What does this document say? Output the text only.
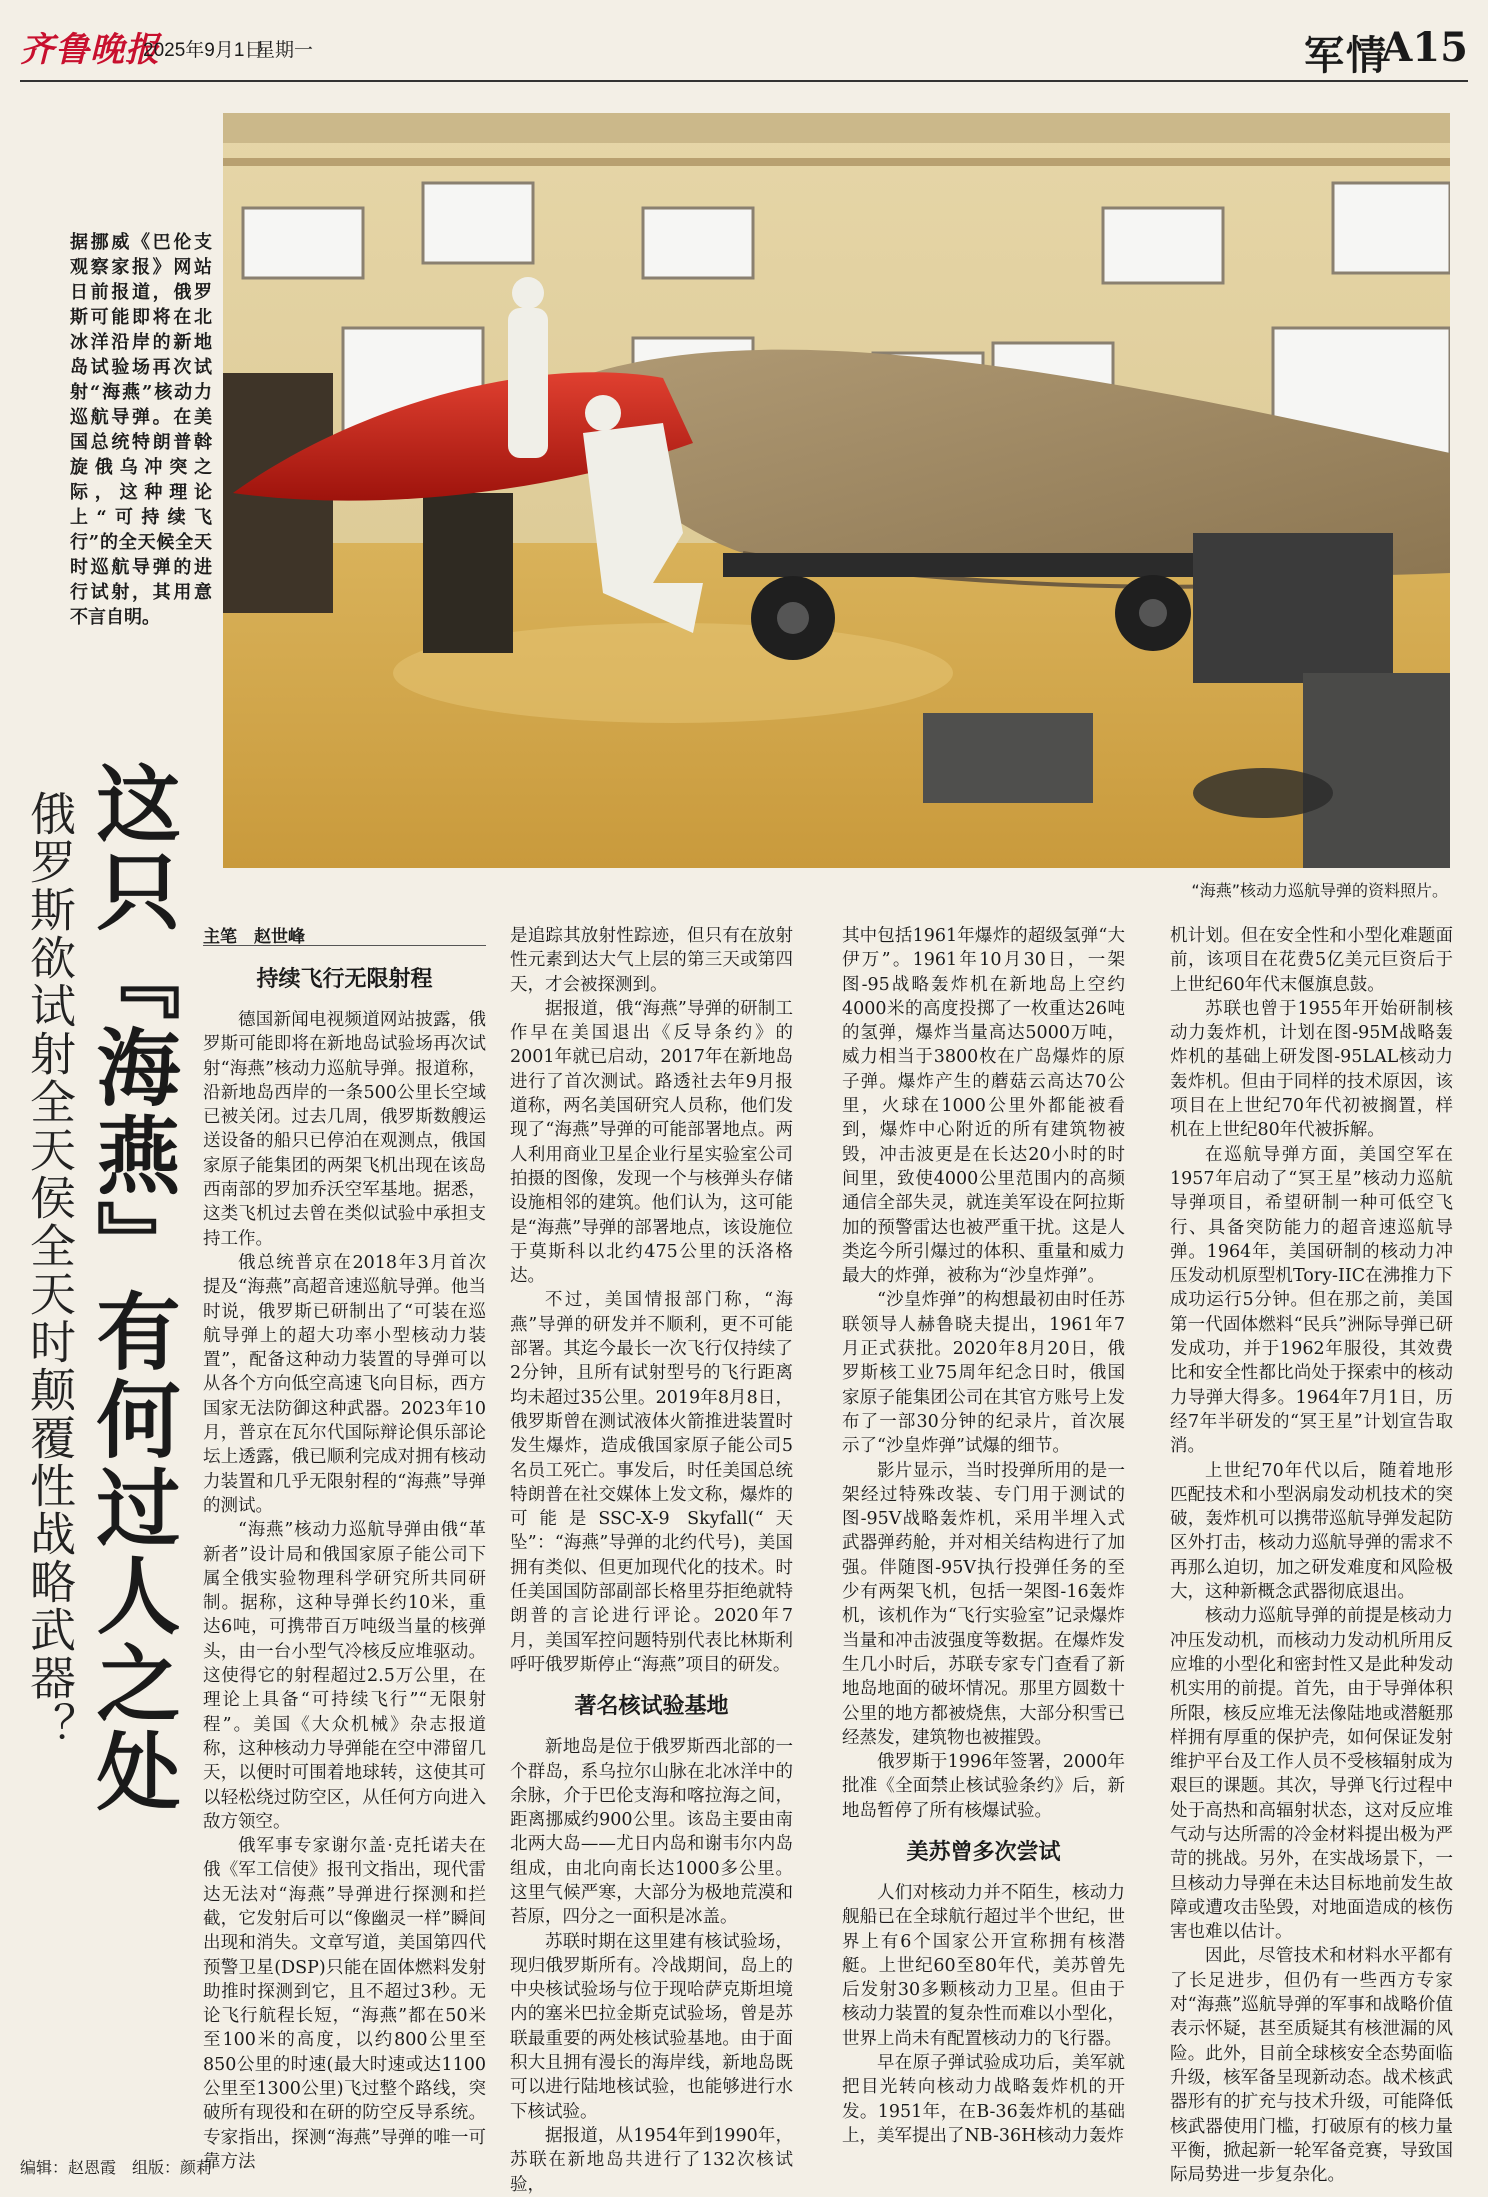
齐鲁晚报
2025年9月1日
星期一	军情
A15
“海燕”核动力巡航导弹的资料照片。
据挪威《巴伦支观察家报》网站日前报道，俄罗斯可能即将在北冰洋沿岸的新地岛试验场再次试射“海燕”核动力巡航导弹。在美国总统特朗普斡旋俄乌冲突之际，这种理论上“可持续飞行”的全天候全天时巡航导弹的进行试射，其用意不言自明。
这只『海燕』有何过人之处
俄罗斯欲试射全天侯全天时颠覆性战略武器？	主笔　赵世峰

持续飞行无限射程

德国新闻电视频道网站披露，俄罗斯可能即将在新地岛试验场再次试射“海燕”核动力巡航导弹。报道称，沿新地岛西岸的一条500公里长空域已被关闭。过去几周，俄罗斯数艘运送设备的船只已停泊在观测点，俄国家原子能集团的两架飞机出现在该岛西南部的罗加乔沃空军基地。据悉，这类飞机过去曾在类似试验中承担支持工作。

俄总统普京在2018年3月首次提及“海燕”高超音速巡航导弹。他当时说，俄罗斯已研制出了“可装在巡航导弹上的超大功率小型核动力装置”，配备这种动力装置的导弹可以从各个方向低空高速飞向目标，西方国家无法防御这种武器。2023年10月，普京在瓦尔代国际辩论俱乐部论坛上透露，俄已顺利完成对拥有核动力装置和几乎无限射程的“海燕”导弹的测试。

“海燕”核动力巡航导弹由俄“革新者”设计局和俄国家原子能公司下属全俄实验物理科学研究所共同研制。据称，这种导弹长约10米，重达6吨，可携带百万吨级当量的核弹头，由一台小型气冷核反应堆驱动。这使得它的射程超过2.5万公里，在理论上具备“可持续飞行”“无限射程”。美国《大众机械》杂志报道称，这种核动力导弹能在空中滞留几天，以便时可围着地球转，这使其可以轻松绕过防空区，从任何方向进入敌方领空。

俄军事专家谢尔盖·克托诺夫在俄《军工信使》报刊文指出，现代雷达无法对“海燕”导弹进行探测和拦截，它发射后可以“像幽灵一样”瞬间出现和消失。文章写道，美国第四代预警卫星(DSP)只能在固体燃料发射助推时探测到它，且不超过3秒。无论飞行航程长短，“海燕”都在50米至100米的高度，以约800公里至850公里的时速(最大时速或达1100公里至1300公里)飞过整个路线，突破所有现役和在研的防空反导系统。专家指出，探测“海燕”导弹的唯一可靠方法

是追踪其放射性踪迹，但只有在放射性元素到达大气上层的第三天或第四天，才会被探测到。

据报道，俄“海燕”导弹的研制工作早在美国退出《反导条约》的2001年就已启动，2017年在新地岛进行了首次测试。路透社去年9月报道称，两名美国研究人员称，他们发现了“海燕”导弹的可能部署地点。两人利用商业卫星企业行星实验室公司拍摄的图像，发现一个与核弹头存储设施相邻的建筑。他们认为，这可能是“海燕”导弹的部署地点，该设施位于莫斯科以北约475公里的沃洛格达。

不过，美国情报部门称，“海燕”导弹的研发并不顺利，更不可能部署。其迄今最长一次飞行仅持续了2分钟，且所有试射型号的飞行距离均未超过35公里。2019年8月8日，俄罗斯曾在测试液体火箭推进装置时发生爆炸，造成俄国家原子能公司5名员工死亡。事发后，时任美国总统特朗普在社交媒体上发文称，爆炸的可能是SSC-X-9 Skyfall(“天坠”：“海燕”导弹的北约代号)，美国拥有类似、但更加现代化的技术。时任美国国防部副部长格里芬拒绝就特朗普的言论进行评论。2020年7月，美国军控问题特别代表比林斯利呼吁俄罗斯停止“海燕”项目的研发。

著名核试验基地

新地岛是位于俄罗斯西北部的一个群岛，系乌拉尔山脉在北冰洋中的余脉，介于巴伦支海和喀拉海之间，距离挪威约900公里。该岛主要由南北两大岛——尤日内岛和谢韦尔内岛组成，由北向南长达1000多公里。这里气候严寒，大部分为极地荒漠和苔原，四分之一面积是冰盖。

苏联时期在这里建有核试验场，现归俄罗斯所有。冷战期间，岛上的中央核试验场与位于现哈萨克斯坦境内的塞米巴拉金斯克试验场，曾是苏联最重要的两处核试验基地。由于面积大且拥有漫长的海岸线，新地岛既可以进行陆地核试验，也能够进行水下核试验。

据报道，从1954年到1990年，苏联在新地岛共进行了132次核试验，

其中包括1961年爆炸的超级氢弹“大伊万”。1961年10月30日，一架图-95战略轰炸机在新地岛上空约4000米的高度投掷了一枚重达26吨的氢弹，爆炸当量高达5000万吨，威力相当于3800枚在广岛爆炸的原子弹。爆炸产生的蘑菇云高达70公里，火球在1000公里外都能被看到，爆炸中心附近的所有建筑物被毁，冲击波更是在长达20小时的时间里，致使4000公里范围内的高频通信全部失灵，就连美军设在阿拉斯加的预警雷达也被严重干扰。这是人类迄今所引爆过的体积、重量和威力最大的炸弹，被称为“沙皇炸弹”。

“沙皇炸弹”的构想最初由时任苏联领导人赫鲁晓夫提出，1961年7月正式获批。2020年8月20日，俄罗斯核工业75周年纪念日时，俄国家原子能集团公司在其官方账号上发布了一部30分钟的纪录片，首次展示了“沙皇炸弹”试爆的细节。

影片显示，当时投弹所用的是一架经过特殊改装、专门用于测试的图-95V战略轰炸机，采用半埋入式武器弹药舱，并对相关结构进行了加强。伴随图-95V执行投弹任务的至少有两架飞机，包括一架图-16轰炸机，该机作为“飞行实验室”记录爆炸当量和冲击波强度等数据。在爆炸发生几小时后，苏联专家专门查看了新地岛地面的破坏情况。那里方圆数十公里的地方都被烧焦，大部分积雪已经蒸发，建筑物也被摧毁。

俄罗斯于1996年签署，2000年批准《全面禁止核试验条约》后，新地岛暂停了所有核爆试验。

美苏曾多次尝试

人们对核动力并不陌生，核动力舰船已在全球航行超过半个世纪，世界上有6个国家公开宣称拥有核潜艇。上世纪60至80年代，美苏曾先后发射30多颗核动力卫星。但由于核动力装置的复杂性而难以小型化，世界上尚未有配置核动力的飞行器。

早在原子弹试验成功后，美军就把目光转向核动力战略轰炸机的开发。1951年，在B-36轰炸机的基础上，美军提出了NB-36H核动力轰炸

机计划。但在安全性和小型化难题面前，该项目在花费5亿美元巨资后于上世纪60年代末偃旗息鼓。

苏联也曾于1955年开始研制核动力轰炸机，计划在图-95M战略轰炸机的基础上研发图-95LAL核动力轰炸机。但由于同样的技术原因，该项目在上世纪70年代初被搁置，样机在上世纪80年代被拆解。

在巡航导弹方面，美国空军在1957年启动了“冥王星”核动力巡航导弹项目，希望研制一种可低空飞行、具备突防能力的超音速巡航导弹。1964年，美国研制的核动力冲压发动机原型机Tory-IIC在沸推力下成功运行5分钟。但在那之前，美国第一代固体燃料“民兵”洲际导弹已研发成功，并于1962年服役，其效费比和安全性都比尚处于探索中的核动力导弹大得多。1964年7月1日，历经7年半研发的“冥王星”计划宣告取消。

上世纪70年代以后，随着地形匹配技术和小型涡扇发动机技术的突破，轰炸机可以携带巡航导弹发起防区外打击，核动力巡航导弹的需求不再那么迫切，加之研发难度和风险极大，这种新概念武器彻底退出。

核动力巡航导弹的前提是核动力冲压发动机，而核动力发动机所用反应堆的小型化和密封性又是此种发动机实用的前提。首先，由于导弹体积所限，核反应堆无法像陆地或潜艇那样拥有厚重的保护壳，如何保证发射维护平台及工作人员不受核辐射成为艰巨的课题。其次，导弹飞行过程中处于高热和高辐射状态，这对反应堆气动与达所需的冷金材料提出极为严苛的挑战。另外，在实战场景下，一旦核动力导弹在未达目标地前发生故障或遭攻击坠毁，对地面造成的核伤害也难以估计。

因此，尽管技术和材料水平都有了长足进步，但仍有一些西方专家对“海燕”巡航导弹的军事和战略价值表示怀疑，甚至质疑其有核泄漏的风险。此外，目前全球核安全态势面临升级，核军备呈现新动态。战术核武器形有的扩充与技术升级，可能降低核武器使用门槛，打破原有的核力量平衡，掀起新一轮军备竞赛，导致国际局势进一步复杂化。

编辑：赵恩霞　组版：颜莉
